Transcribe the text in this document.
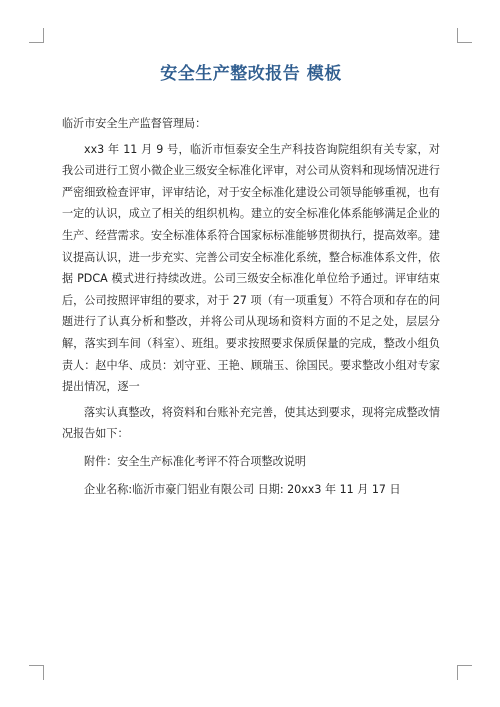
安全生产整改报告 模板

临沂市安全生产监督管理局：

xx3 年 11 月 9 号，临沂市恒泰安全生产科技咨询院组织有关专家，对我公司进行工贸小微企业三级安全标准化评审，对公司从资料和现场情况进行严密细致检查评审，评审结论，对于安全标准化建设公司领导能够重视，也有一定的认识，成立了相关的组织机构。建立的安全标准化体系能够满足企业的生产、经营需求。安全标准体系符合国家标标准能够贯彻执行，提高效率。建议提高认识，进一步充实、完善公司安全标准化系统，整合标准体系文件，依据 PDCA 模式进行持续改进。公司三级安全标准化单位给予通过。评审结束后，公司按照评审组的要求，对于 27 项（有一项重复）不符合项和存在的问题进行了认真分析和整改，并将公司从现场和资料方面的不足之处，层层分解，落实到车间（科室）、班组。要求按照要求保质保量的完成，整改小组负责人：赵中华、成员：刘守亚、王艳、顾瑞玉、徐国民。要求整改小组对专家提出情况，逐一

落实认真整改，将资料和台账补充完善，使其达到要求，现将完成整改情况报告如下：

附件：安全生产标准化考评不符合项整改说明

企业名称:临沂市豪门铝业有限公司 日期: 20xx3 年 11 月 17 日
